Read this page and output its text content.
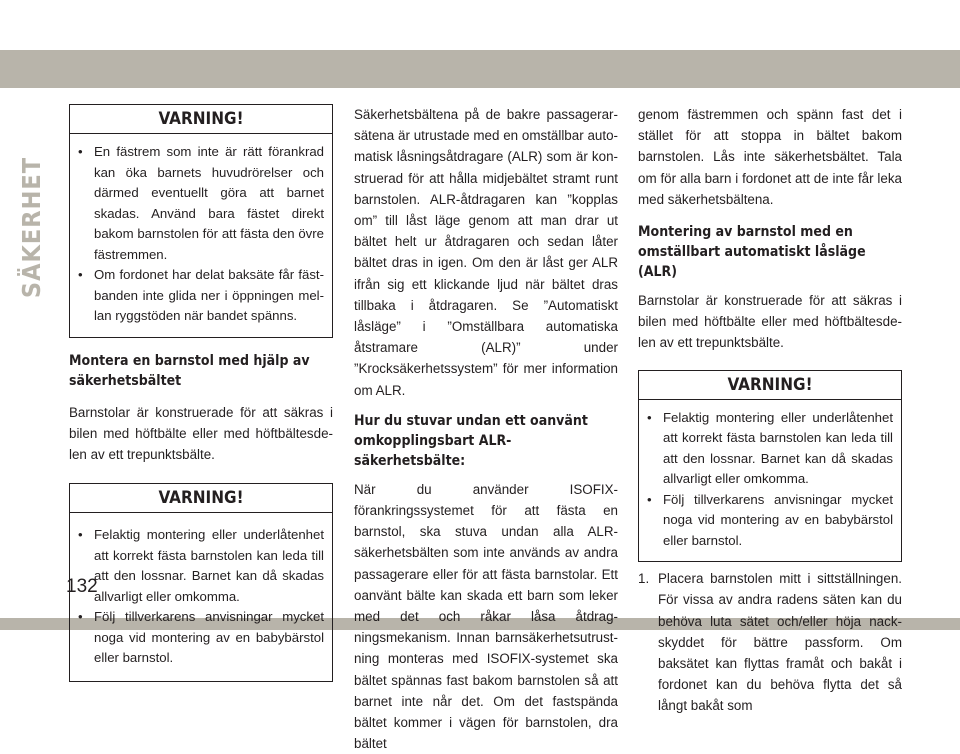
SÄKERHET
132
VARNING!
• En fästrem som inte är rätt förankrad kan öka barnets huvudrörelser och därmed eventuellt göra att barnet skadas. Använd bara fästet direkt bakom barnstolen för att fästa den övre fästremmen.
• Om fordonet har delat baksäte får fästbanden inte glida ner i öppningen mellan ryggstöden när bandet spänns.
Montera en barnstol med hjälp av säkerhetsbältet

Barnstolar är konstruerade för att säkras i bilen med höftbälte eller med höftbältesdelen av ett trepunktsbälte.

VARNING!
• Felaktig montering eller underlåtenhet att korrekt fästa barnstolen kan leda till att den lossnar. Barnet kan då skadas allvarligt eller omkomma.
• Följ tillverkarens anvisningar mycket noga vid montering av en babybärstol eller barnstol.

Säkerhetsbältena på de bakre passagerarsätena är utrustade med en omställbar automatisk låsningsåtdragare (ALR) som är konstruerad för att hålla midjebältet stramt runt barnstolen. ALR-åtdragaren kan ”kopplas om” till låst läge genom att man drar ut bältet helt ur åtdragaren och sedan låter bältet dras in igen. Om den är låst ger ALR ifrån sig ett klickande ljud när bältet dras tillbaka i åtdragaren. Se ”Automatiskt låsläge” i ”Omställbara automatiska åtstramare (ALR)” under ”Krocksäkerhetssystem” för mer information om ALR.

Hur du stuvar undan ett oanvänt omkopplingsbart ALR-säkerhetsbälte:

När du använder ISOFIX-förankringssystemet för att fästa en barnstol, ska stuva undan alla ALR-säkerhetsbälten som inte används av andra passagerare eller för att fästa barnstolar. Ett oanvänt bälte kan skada ett barn som leker med det och råkar låsa åtdragningsmekanism. Innan barnsäkerhetsutrustning monteras med ISOFIX-systemet ska bältet spännas fast bakom barnstolen så att barnet inte når det. Om det fastspända bältet kommer i vägen för barnstolen, dra bältet

genom fästremmen och spänn fast det i stället för att stoppa in bältet bakom barnstolen. Lås inte säkerhetsbältet. Tala om för alla barn i fordonet att de inte får leka med säkerhetsbältena.

Montering av barnstol med en omställbart automatiskt låsläge (ALR)

Barnstolar är konstruerade för att säkras i bilen med höftbälte eller med höftbältesdelen av ett trepunktsbälte.

VARNING!
• Felaktig montering eller underlåtenhet att korrekt fästa barnstolen kan leda till att den lossnar. Barnet kan då skadas allvarligt eller omkomma.
• Följ tillverkarens anvisningar mycket noga vid montering av en babybärstol eller barnstol.
1. Placera barnstolen mitt i sittställningen. För vissa av andra radens säten kan du behöva luta sätet och/eller höja nackskyddet för bättre passform. Om baksätet kan flyttas framåt och bakåt i fordonet kan du behöva flytta det så långt bakåt som
